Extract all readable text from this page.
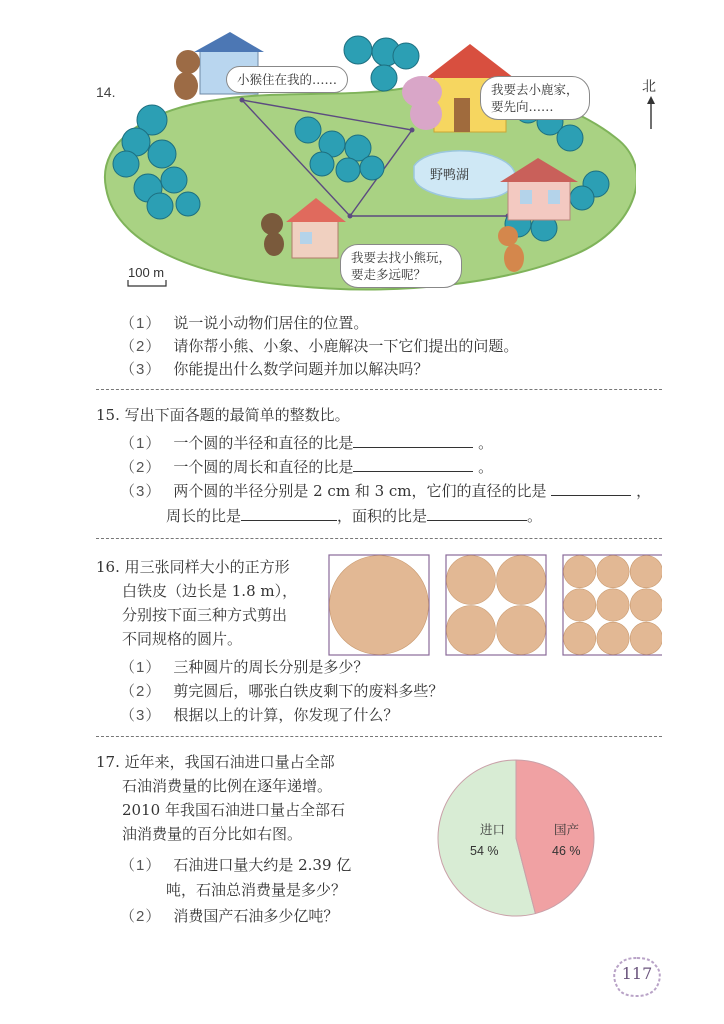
14.	北
小猴住在我的……
我要去小鹿家，
要先向……
野鸭湖
我要去找小熊玩，
要走多远呢？
100 m
（1） 说一说小动物们居住的位置。
（2） 请你帮小熊、小象、小鹿解决一下它们提出的问题。
（3） 你能提出什么数学问题并加以解决吗？
15. 写出下面各题的最简单的整数比。
（1） 一个圆的半径和直径的比是	。
（2） 一个圆的周长和直径的比是	。
（3） 两个圆的半径分别是 2 cm 和 3 cm，它们的直径的比是	，
周长的比是	，面积的比是	。
16. 用三张同样大小的正方形
白铁皮（边长是 1.8 m），
分别按下面三种方式剪出
不同规格的圆片。
（1） 三种圆片的周长分别是多少？
（2） 剪完圆后，哪张白铁皮剩下的废料多些？
（3） 根据以上的计算，你发现了什么？
17. 近年来，我国石油进口量占全部
石油消费量的比例在逐年递增。
2010 年我国石油进口量占全部石
油消费量的百分比如右图。
（1） 石油进口量大约是 2.39 亿
吨，石油总消费量是多少？
（2） 消费国产石油多少亿吨？
进口
54 %
国产
46 %
117
